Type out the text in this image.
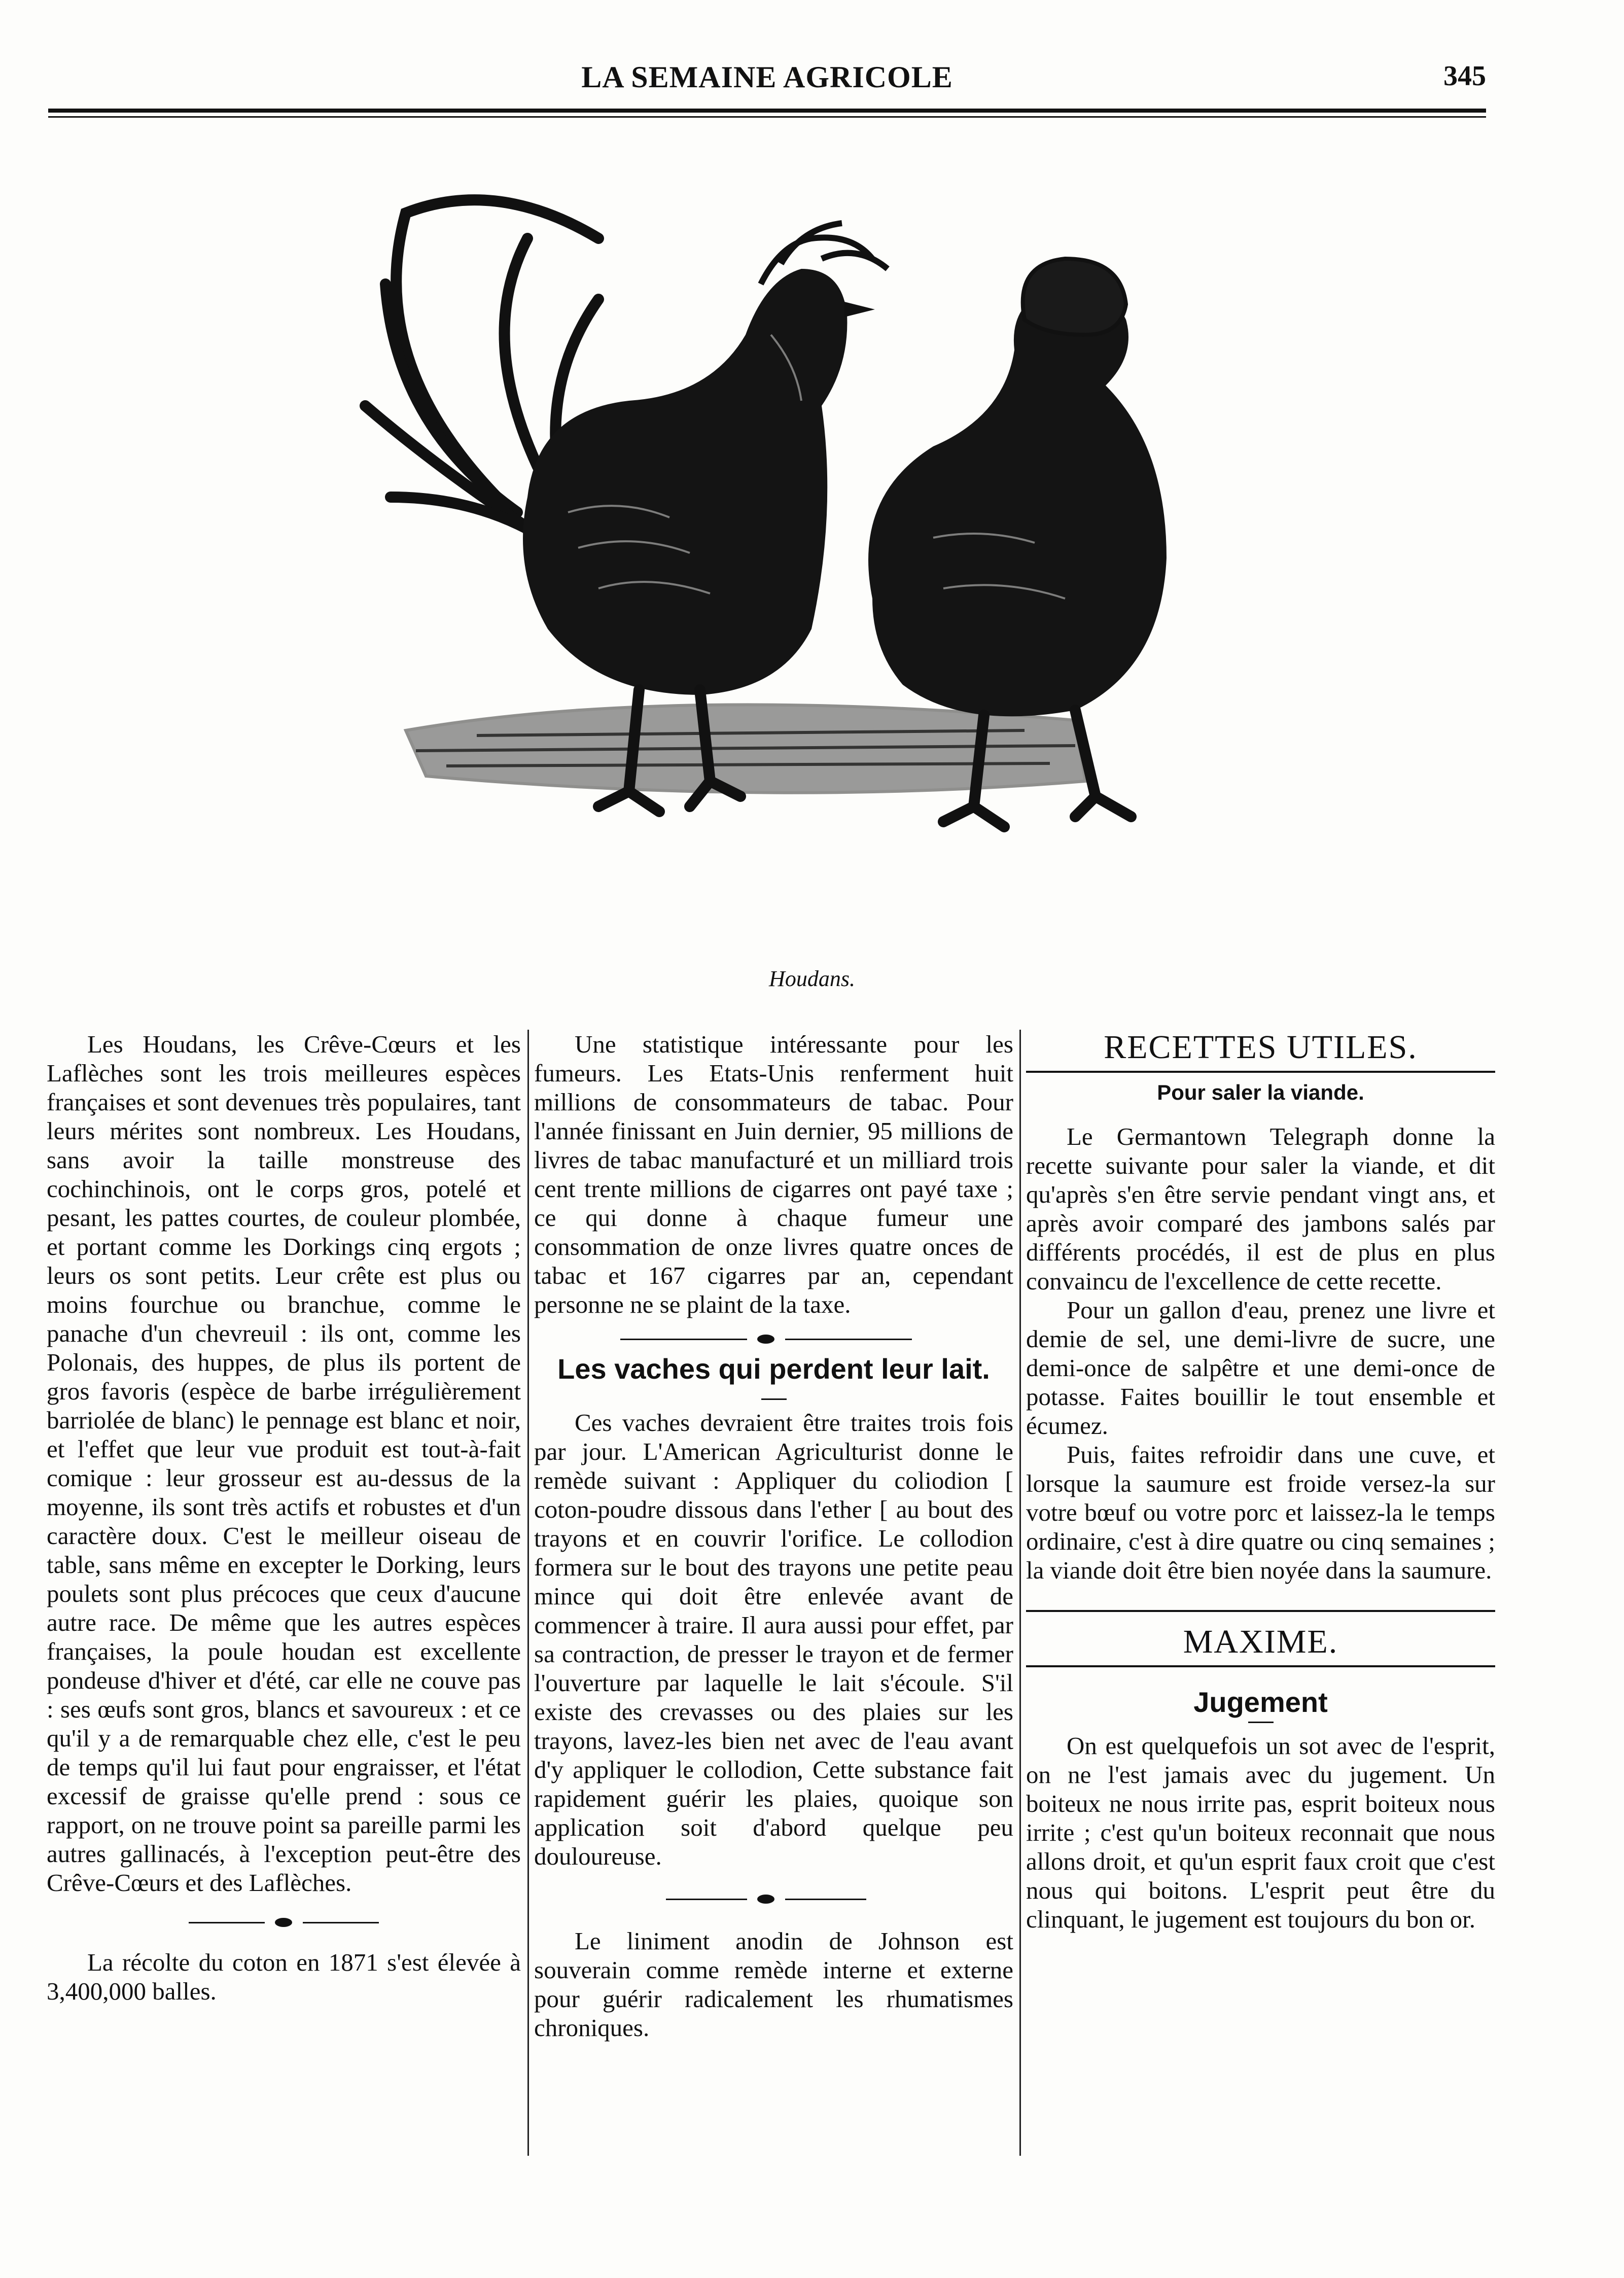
LA SEMAINE AGRICOLE	345
Houdans.

Les Houdans, les Crêve-Cœurs et les Laflèches sont les trois meilleures espèces françaises et sont devenues très populaires, tant leurs mérites sont nombreux. Les Houdans, sans avoir la taille monstreuse des cochinchinois, ont le corps gros, potelé et pesant, les pattes courtes, de couleur plombée, et portant comme les Dorkings cinq ergots ; leurs os sont petits. Leur crête est plus ou moins fourchue ou branchue, comme le panache d'un chevreuil : ils ont, comme les Polonais, des huppes, de plus ils portent de gros favoris (espèce de barbe irrégulièrement barriolée de blanc) le pennage est blanc et noir, et l'effet que leur vue produit est tout-à-fait comique : leur grosseur est au-dessus de la moyenne, ils sont très actifs et robustes et d'un caractère doux. C'est le meilleur oiseau de table, sans même en excepter le Dorking, leurs poulets sont plus précoces que ceux d'aucune autre race. De même que les autres espèces françaises, la poule houdan est excellente pondeuse d'hiver et d'été, car elle ne couve pas : ses œufs sont gros, blancs et savoureux : et ce qu'il y a de remarquable chez elle, c'est le peu de temps qu'il lui faut pour engraisser, et l'état excessif de graisse qu'elle prend : sous ce rapport, on ne trouve point sa pareille parmi les autres gallinacés, à l'exception peut-être des Crêve-Cœurs et des Laflèches.

La récolte du coton en 1871 s'est élevée à 3,400,000 balles.

Une statistique intéressante pour les fumeurs. Les Etats-Unis renferment huit millions de consommateurs de tabac. Pour l'année finissant en Juin dernier, 95 millions de livres de tabac manufacturé et un milliard trois cent trente millions de cigarres ont payé taxe ; ce qui donne à chaque fumeur une consommation de onze livres quatre onces de tabac et 167 cigarres par an, cependant personne ne se plaint de la taxe.

Les vaches qui perdent leur lait.

Ces vaches devraient être traites trois fois par jour. L'American Agriculturist donne le remède suivant : Appliquer du coliodion [ coton-poudre dissous dans l'ether [ au bout des trayons et en couvrir l'orifice. Le collodion formera sur le bout des trayons une petite peau mince qui doit être enlevée avant de commencer à traire. Il aura aussi pour effet, par sa contraction, de presser le trayon et de fermer l'ouverture par laquelle le lait s'écoule. S'il existe des crevasses ou des plaies sur les trayons, lavez-les bien net avec de l'eau avant d'y appliquer le collodion, Cette substance fait rapidement guérir les plaies, quoique son application soit d'abord quelque peu douloureuse.

Le liniment anodin de Johnson est souverain comme remède interne et externe pour guérir radicalement les rhumatismes chroniques.

RECETTES UTILES.
Pour saler la viande.

Le Germantown Telegraph donne la recette suivante pour saler la viande, et dit qu'après s'en être servie pendant vingt ans, et après avoir comparé des jambons salés par différents procédés, il est de plus en plus convaincu de l'excellence de cette recette.

Pour un gallon d'eau, prenez une livre et demie de sel, une demi-livre de sucre, une demi-once de salpêtre et une demi-once de potasse. Faites bouillir le tout ensemble et écumez.

Puis, faites refroidir dans une cuve, et lorsque la saumure est froide versez-la sur votre bœuf ou votre porc et laissez-la le temps ordinaire, c'est à dire quatre ou cinq semaines ; la viande doit être bien noyée dans la saumure.

MAXIME.
Jugement

On est quelquefois un sot avec de l'esprit, on ne l'est jamais avec du jugement. Un boiteux ne nous irrite pas, esprit boiteux nous irrite ; c'est qu'un boiteux reconnait que nous allons droit, et qu'un esprit faux croit que c'est nous qui boitons. L'esprit peut être du clinquant, le jugement est toujours du bon or.
